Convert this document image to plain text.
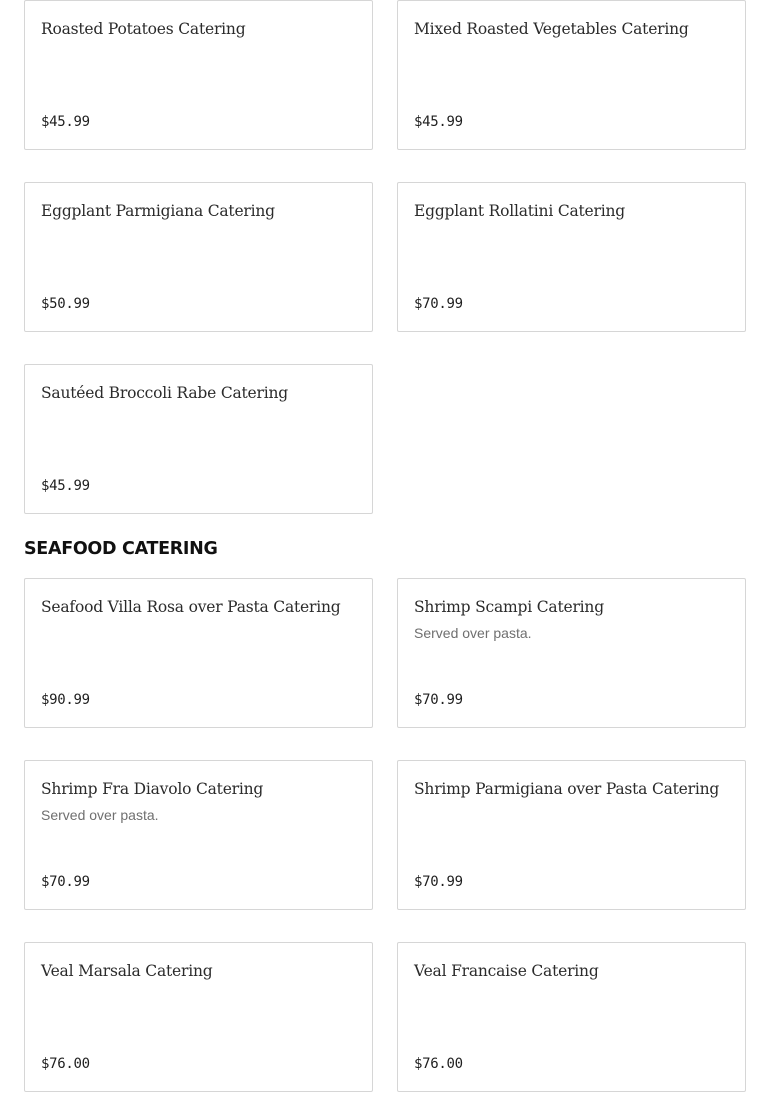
Roasted Potatoes Catering
$45.99
Mixed Roasted Vegetables Catering
$45.99
Eggplant Parmigiana Catering
$50.99
Eggplant Rollatini Catering
$70.99
Sautéed Broccoli Rabe Catering
$45.99
SEAFOOD CATERING
Seafood Villa Rosa over Pasta Catering
$90.99
Shrimp Scampi Catering
Served over pasta.
$70.99
Shrimp Fra Diavolo Catering
Served over pasta.
$70.99
Shrimp Parmigiana over Pasta Catering
$70.99
Veal Marsala Catering
$76.00
Veal Francaise Catering
$76.00
